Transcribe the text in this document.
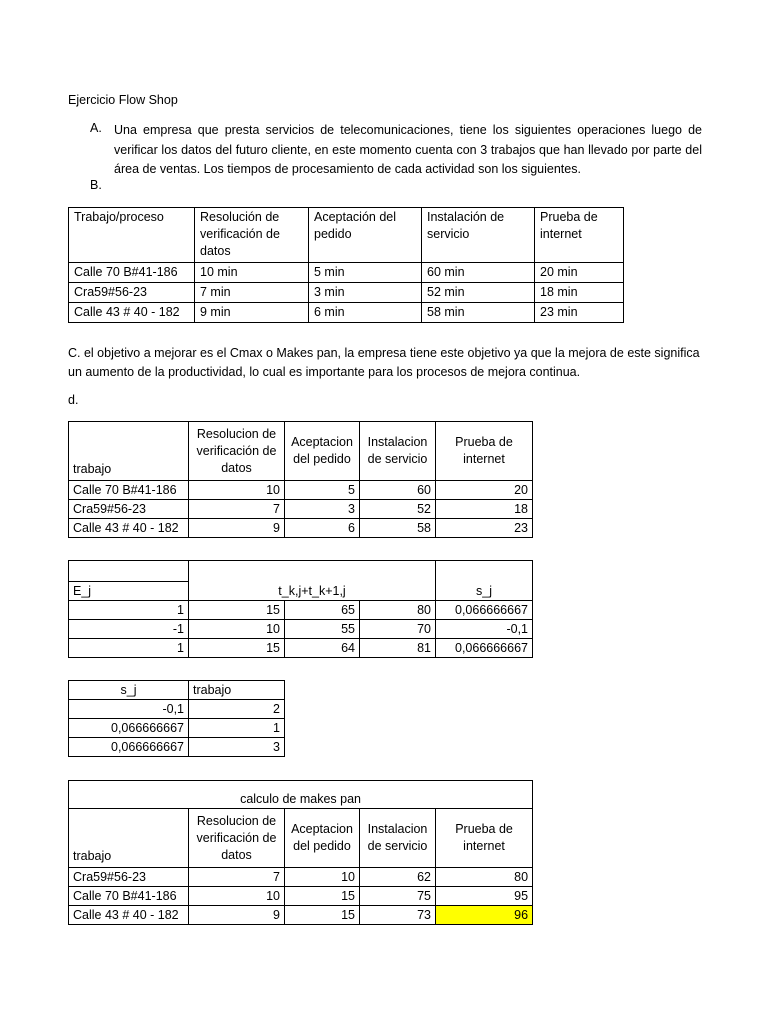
Ejercicio Flow Shop
A. Una empresa que presta servicios de telecomunicaciones, tiene los siguientes operaciones luego de verificar los datos del futuro cliente, en este momento cuenta con 3 trabajos que han llevado por parte del área de ventas. Los tiempos de procesamiento de cada actividad son los siguientes.
B.
Trabajo/proceso	Resolución de verificación de datos	Aceptación del pedido	Instalación de servicio	Prueba de internet
Calle 70 B#41-186	10 min	5 min	60 min	20 min
Cra59#56-23	7 min	3 min	52 min	18 min
Calle 43 # 40 - 182	9 min	6 min	58 min	23 min
C. el objetivo a mejorar es el Cmax o Makes pan, la empresa tiene este objetivo ya que la mejora de este significa un aumento de la productividad, lo cual es importante para los procesos de mejora continua.
d.
trabajo	Resolucion de verificación de datos	Aceptacion del pedido	Instalacion de servicio	Prueba de internet
Calle 70 B#41-186	10	5	60	20
Cra59#56-23	7	3	52	18
Calle 43 # 40 - 182	9	6	58	23

E_j	t_k,j+t_k+1,j			s_j
1	15	65	80	0,066666667
-1	10	55	70	-0,1
1	15	64	81	0,066666667
s_j	trabajo
-0,1	2
0,066666667	1
0,066666667	3
calculo de makes pan				
trabajo	Resolucion de verificación de datos	Aceptacion del pedido	Instalacion de servicio	Prueba de internet
Cra59#56-23	7	10	62	80
Calle 70 B#41-186	10	15	75	95
Calle 43 # 40 - 182	9	15	73	96
